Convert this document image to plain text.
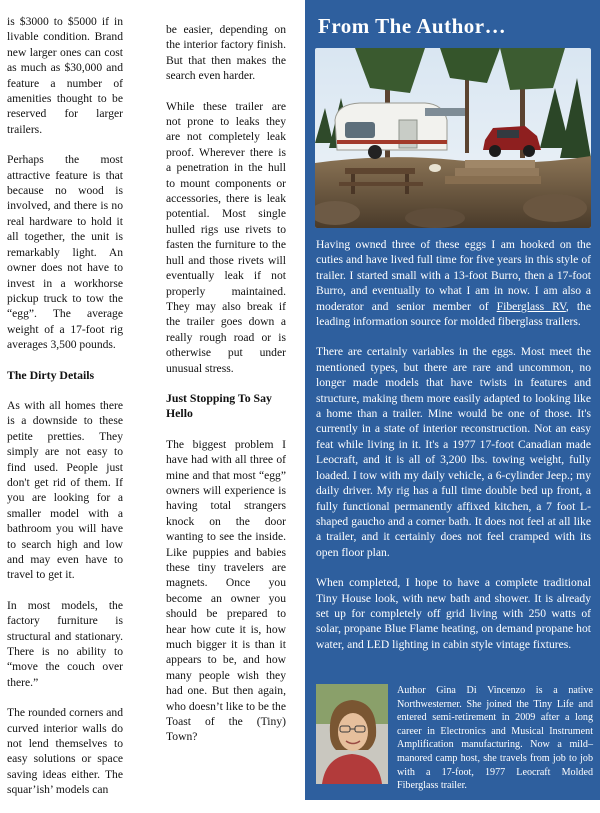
is $3000 to $5000 if in livable condition. Brand new larger ones can cost as much as $30,000 and feature a number of amenities thought to be reserved for larger trailers.

Perhaps the most attractive feature is that because no wood is involved, and there is no real hardware to hold it all together, the unit is remarkably light. An owner does not have to invest in a workhorse pickup truck to tow the “egg”. The average weight of a 17-foot rig averages 3,500 pounds.

The Dirty Details

As with all homes there is a downside to these petite pretties. They simply are not easy to find used. People just don't get rid of them. If you are looking for a smaller model with a bathroom you will have to search high and low and may even have to travel to get it.

In most models, the factory furniture is structural and stationary. There is no ability to “move the couch over there.”

The rounded corners and curved interior walls do not lend themselves to easy solutions or space saving ideas either. The squar’ish’ models can

be easier, depending on the interior factory finish. But that then makes the search even harder.

While these trailer are not prone to leaks they are not completely leak proof. Wherever there is a penetration in the hull to mount components or accessories, there is leak potential. Most single hulled rigs use rivets to fasten the furniture to the hull and those rivets will eventually leak if not properly maintained. They may also break if the trailer goes down a really rough road or is otherwise put under unusual stress.

Just Stopping To Say Hello

The biggest problem I have had with all three of mine and that most “egg” owners will experience is having total strangers knock on the door wanting to see the inside. Like puppies and babies these tiny travelers are magnets. Once you become an owner you should be prepared to hear how cute it is, how much bigger it is than it appears to be, and how many people wish they had one. But then again, who doesn’t like to be the Toast of the (Tiny) Town?

From The Author…

Having owned three of these eggs I am hooked on the cuties and have lived full time for five years in this style of trailer. I started small with a 13-foot Burro, then a 17-foot Burro, and eventually to what I am in now. I am also a moderator and senior member of Fiberglass RV, the leading information source for molded fiberglass trailers.

There are certainly variables in the eggs. Most meet the mentioned types, but there are rare and uncommon, no longer made models that have twists in features and structure, making them more easily adapted to looking like a home than a trailer. Mine would be one of those. It's currently in a state of interior reconstruction. Not an easy feat while living in it. It's a 1977 17-foot Canadian made Leocraft, and it is all of 3,200 lbs. towing weight, fully loaded. I tow with my daily vehicle, a 6-cylinder Jeep.; my daily driver. My rig has a full time double bed up front, a fully functional permanently affixed kitchen, a 7 foot L-shaped gaucho and a corner bath. It does not feel at all like a trailer, and it certainly does not feel cramped with its open floor plan.

When completed, I hope to have a complete traditional Tiny House look, with new bath and shower. It is already set up for completely off grid living with 250 watts of solar, propane Blue Flame heating, on demand propane hot water, and LED lighting in cabin style vintage fixtures.

Author Gina Di Vincenzo is a native Northwesterner. She joined the Tiny Life and entered semi-retirement in 2009 after a long career in Electronics and Musical Instrument Amplification manufacturing. Now a mild–manored camp host, she travels from job to job with a 17-foot, 1977 Leocraft Molded Fiberglass trailer.
